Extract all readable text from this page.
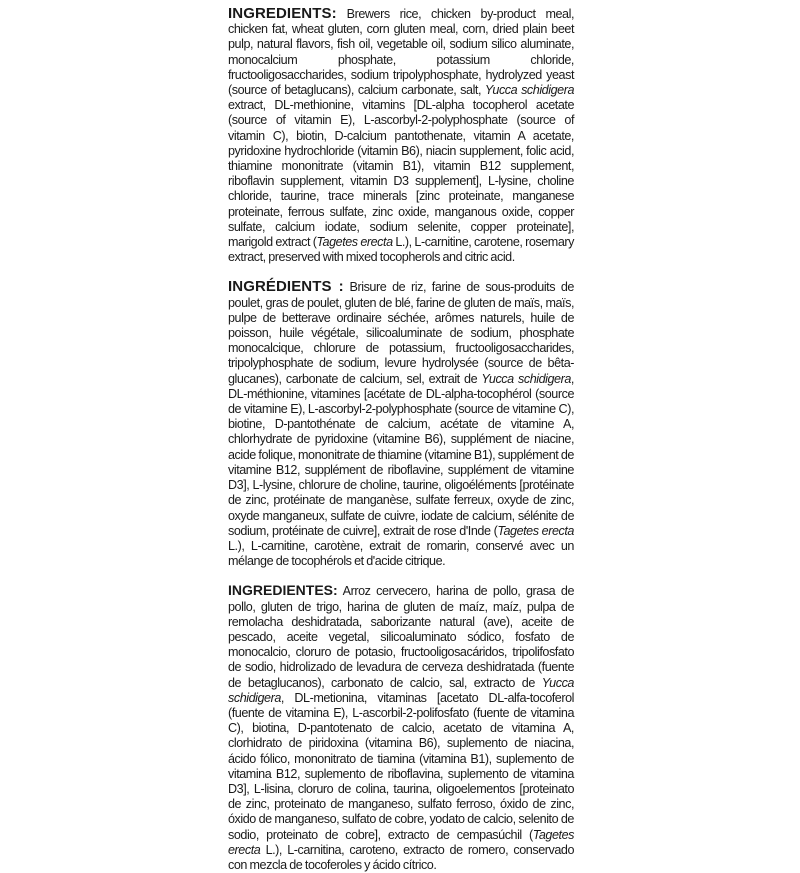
INGREDIENTS: Brewers rice, chicken by-product meal, chicken fat, wheat gluten, corn gluten meal, corn, dried plain beet pulp, natural flavors, fish oil, vegetable oil, sodium silico aluminate, monocalcium phosphate, potassium chloride, fructooligosaccharides, sodium tripolyphosphate, hydrolyzed yeast (source of betaglucans), calcium carbonate, salt, Yucca schidigera extract, DL-methionine, vitamins [DL-alpha tocopherol acetate (source of vitamin E), L-ascorbyl-2-polyphosphate (source of vitamin C), biotin, D-calcium pantothenate, vitamin A acetate, pyridoxine hydrochloride (vitamin B6), niacin supplement, folic acid, thiamine mononitrate (vitamin B1), vitamin B12 supplement, riboflavin supplement, vitamin D3 supplement], L-lysine, choline chloride, taurine, trace minerals [zinc proteinate, manganese proteinate, ferrous sulfate, zinc oxide, manganous oxide, copper sulfate, calcium iodate, sodium selenite, copper proteinate], marigold extract (Tagetes erecta L.), L-carnitine, carotene, rosemary extract, preserved with mixed tocopherols and citric acid.

INGRÉDIENTS : Brisure de riz, farine de sous-produits de poulet, gras de poulet, gluten de blé, farine de gluten de maïs, maïs, pulpe de betterave ordinaire séchée, arômes naturels, huile de poisson, huile végétale, silicoaluminate de sodium, phosphate monocalcique, chlorure de potassium, fructooligosaccharides, tripolyphosphate de sodium, levure hydrolysée (source de bêta-glucanes), carbonate de calcium, sel, extrait de Yucca schidigera, DL-méthionine, vitamines [acétate de DL-alpha-tocophérol (source de vitamine E), L-ascorbyl-2-polyphosphate (source de vitamine C), biotine, D-pantothénate de calcium, acétate de vitamine A, chlorhydrate de pyridoxine (vitamine B6), supplément de niacine, acide folique, mononitrate de thiamine (vitamine B1), supplément de vitamine B12, supplément de riboflavine, supplément de vitamine D3], L-lysine, chlorure de choline, taurine, oligoéléments [protéinate de zinc, protéinate de manganèse, sulfate ferreux, oxyde de zinc, oxyde manganeux, sulfate de cuivre, iodate de calcium, sélénite de sodium, protéinate de cuivre], extrait de rose d'Inde (Tagetes erecta L.), L-carnitine, carotène, extrait de romarin, conservé avec un mélange de tocophérols et d'acide citrique.

INGREDIENTES: Arroz cervecero, harina de pollo, grasa de pollo, gluten de trigo, harina de gluten de maíz, maíz, pulpa de remolacha deshidratada, saborizante natural (ave), aceite de pescado, aceite vegetal, silicoaluminato sódico, fosfato de monocalcio, cloruro de potasio, fructooligosacáridos, tripolifosfato de sodio, hidrolizado de levadura de cerveza deshidratada (fuente de betaglucanos), carbonato de calcio, sal, extracto de Yucca schidigera, DL-metionina, vitaminas [acetato DL-alfa-tocoferol (fuente de vitamina E), L-ascorbil-2-polifosfato (fuente de vitamina C), biotina, D-pantotenato de calcio, acetato de vitamina A, clorhidrato de piridoxina (vitamina B6), suplemento de niacina, ácido fólico, mononitrato de tiamina (vitamina B1), suplemento de vitamina B12, suplemento de riboflavina, suplemento de vitamina D3], L-lisina, cloruro de colina, taurina, oligoelementos [proteinato de zinc, proteinato de manganeso, sulfato ferroso, óxido de zinc, óxido de manganeso, sulfato de cobre, yodato de calcio, selenito de sodio, proteinato de cobre], extracto de cempasúchil (Tagetes erecta L.), L-carnitina, caroteno, extracto de romero, conservado con mezcla de tocoferoles y ácido cítrico.
